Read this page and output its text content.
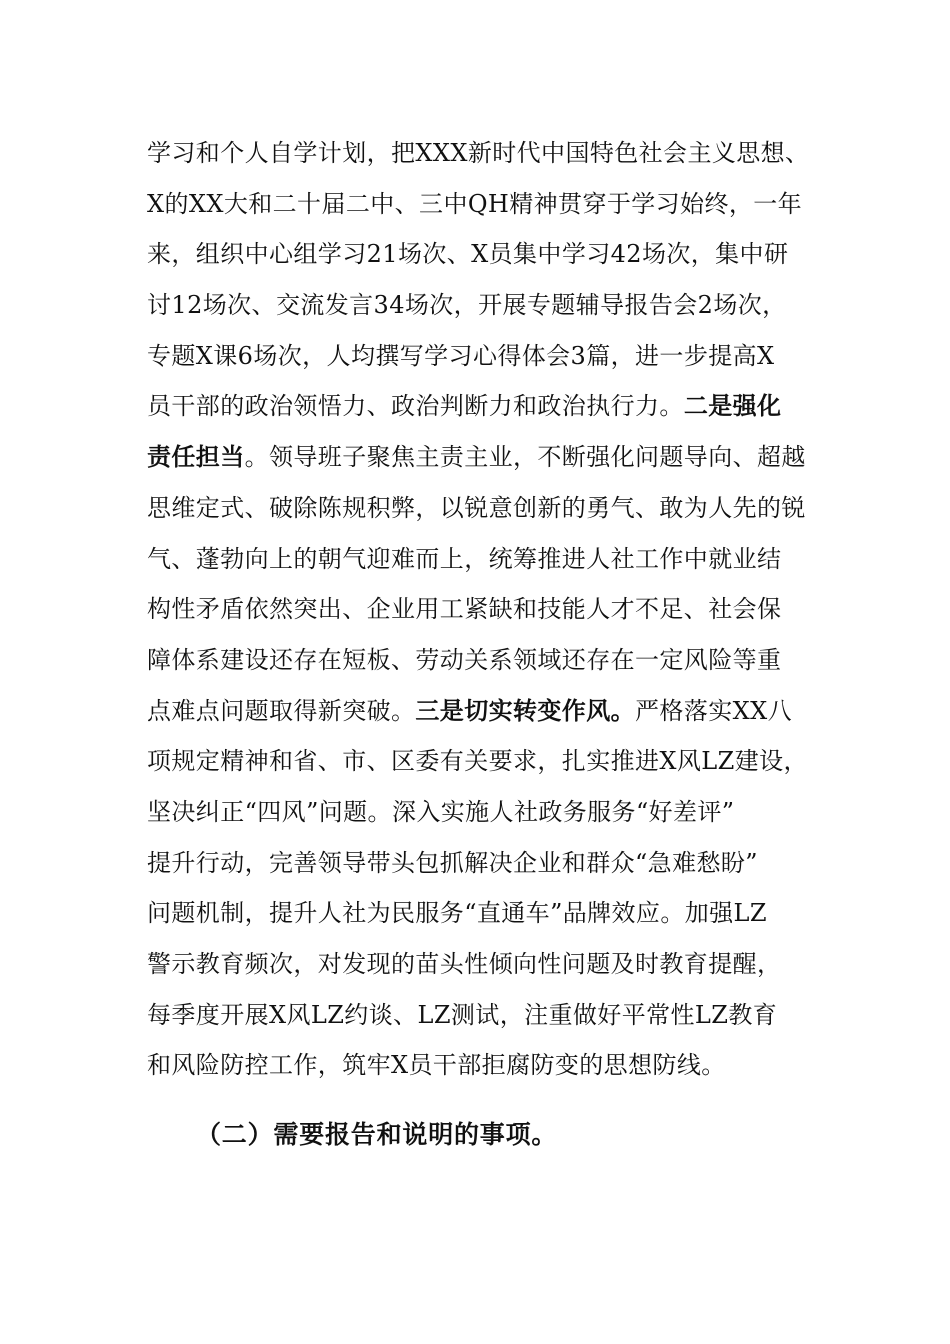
学习和个人自学计划，把XXX新时代中国特色社会主义思想、
X的XX大和二十届二中、三中QH精神贯穿于学习始终，一年
来，组织中心组学习21场次、X员集中学习42场次，集中研
讨12场次、交流发言34场次，开展专题辅导报告会2场次，
专题X课6场次，人均撰写学习心得体会3篇，进一步提高X
员干部的政治领悟力、政治判断力和政治执行力。二是强化
责任担当。领导班子聚焦主责主业，不断强化问题导向、超越
思维定式、破除陈规积弊，以锐意创新的勇气、敢为人先的锐
气、蓬勃向上的朝气迎难而上，统筹推进人社工作中就业结
构性矛盾依然突出、企业用工紧缺和技能人才不足、社会保
障体系建设还存在短板、劳动关系领域还存在一定风险等重
点难点问题取得新突破。三是切实转变作风。严格落实XX八
项规定精神和省、市、区委有关要求，扎实推进X风LZ建设，
坚决纠正“四风”问题。深入实施人社政务服务“好差评”
提升行动，完善领导带头包抓解决企业和群众“急难愁盼”
问题机制，提升人社为民服务“直通车”品牌效应。加强LZ
警示教育频次，对发现的苗头性倾向性问题及时教育提醒，
每季度开展X风LZ约谈、LZ测试，注重做好平常性LZ教育
和风险防控工作，筑牢X员干部拒腐防变的思想防线。
（二）需要报告和说明的事项。
